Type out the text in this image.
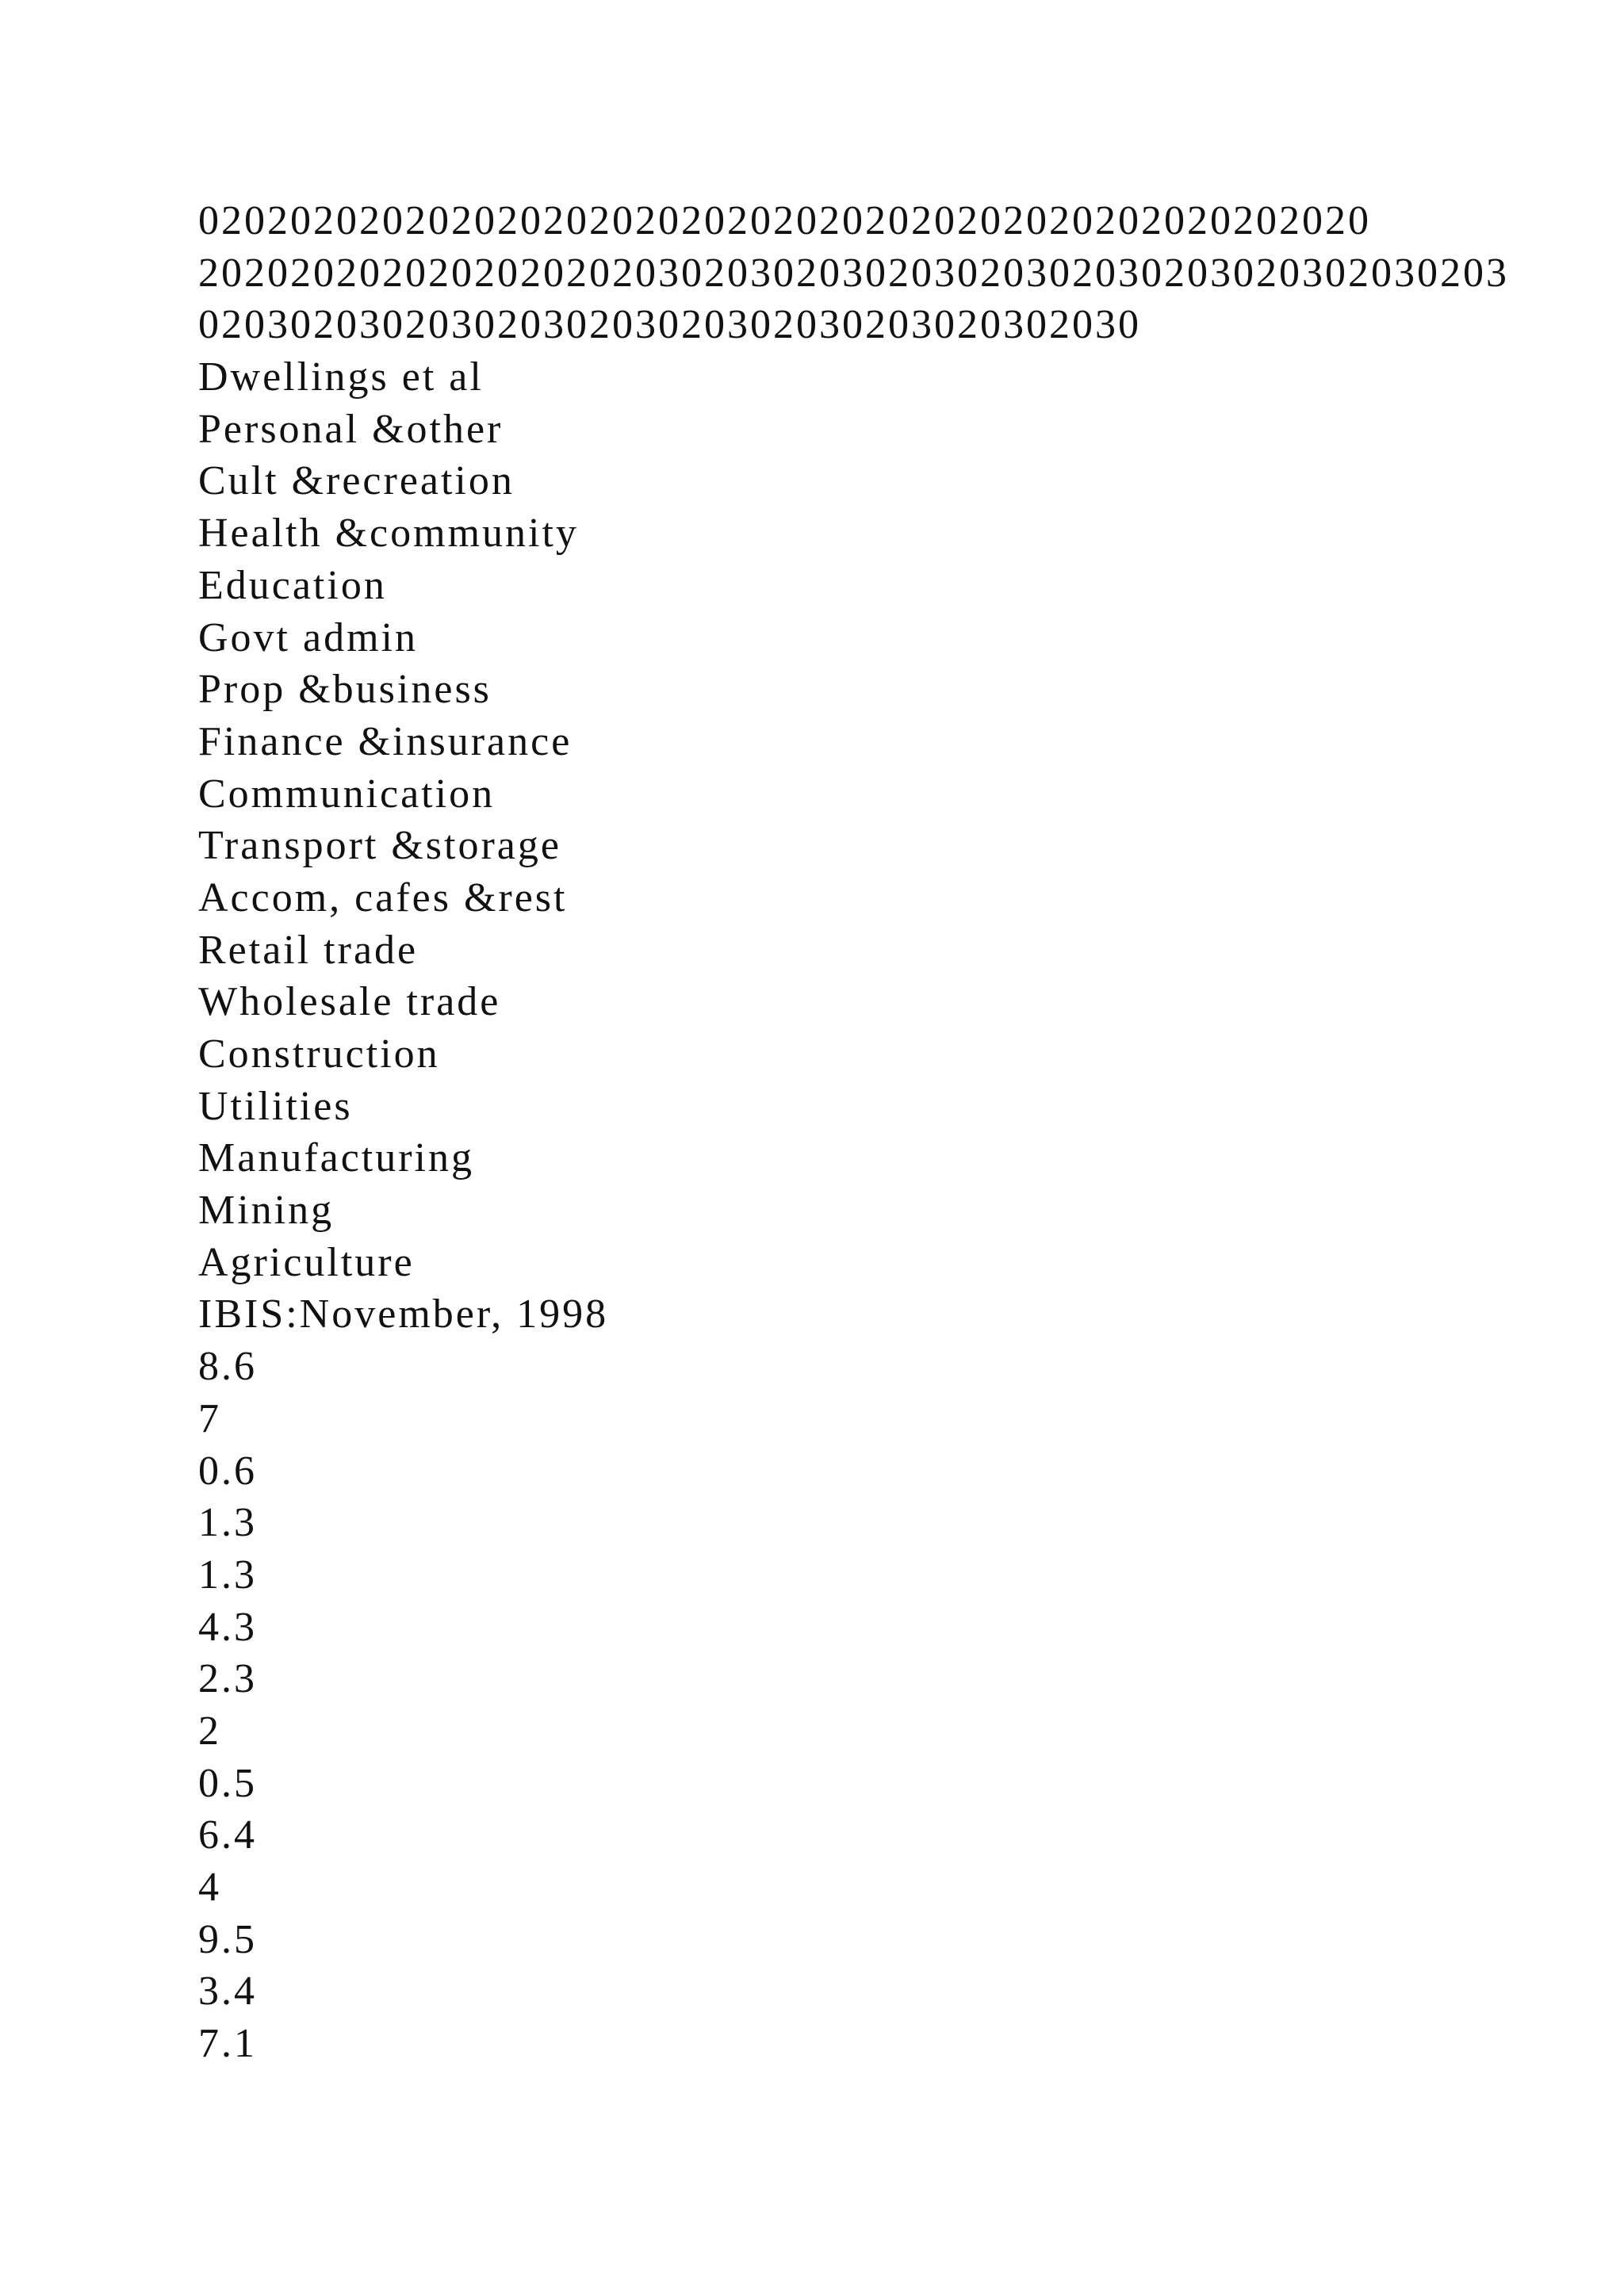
020202020202020202020202020202020202020202020202020
202020202020202020203020302030203020302030203020302030203
02030203020302030203020302030203020302030
Dwellings et al
Personal &other
Cult &recreation
Health &community
Education
Govt admin
Prop &business
Finance &insurance
Communication
Transport &storage
Accom, cafes &rest
Retail trade
Wholesale trade
Construction
Utilities
Manufacturing
Mining
Agriculture
IBIS:November, 1998
8.6
7
0.6
1.3
1.3
4.3
2.3
2
0.5
6.4
4
9.5
3.4
7.1
